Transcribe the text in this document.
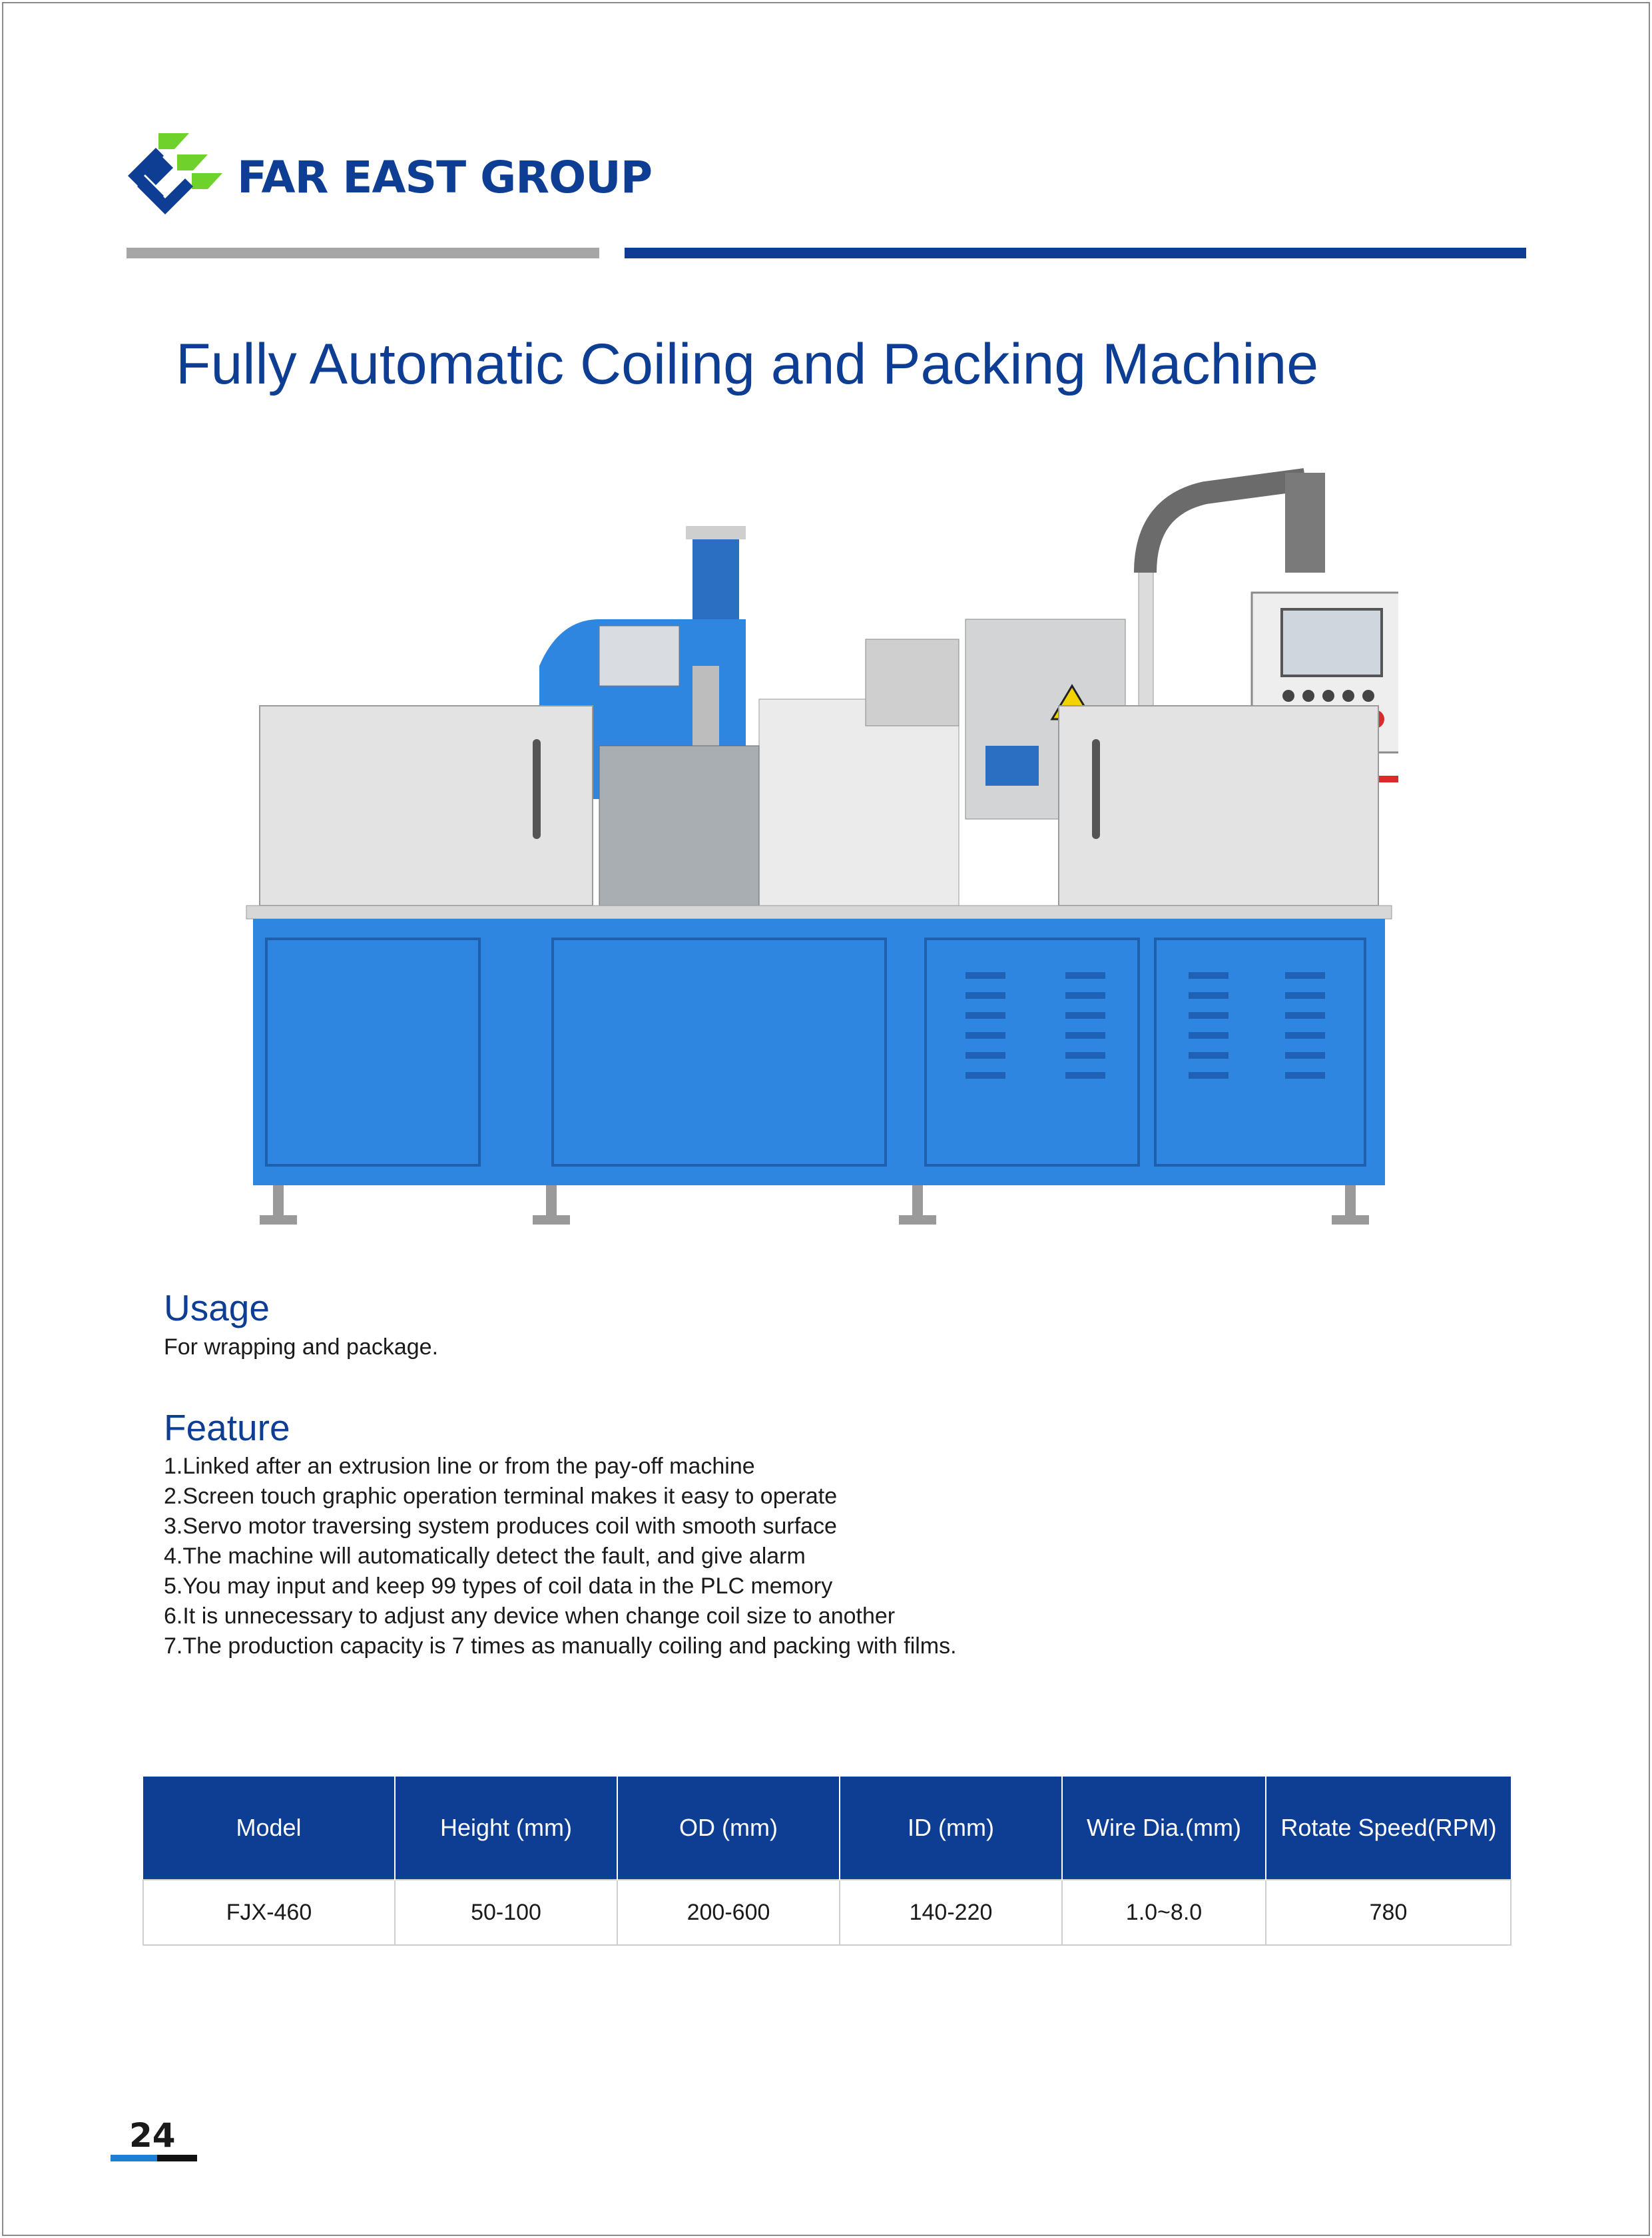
FAR EAST GROUP
Fully Automatic Coiling and Packing Machine
Usage

For wrapping and package.

Feature
1.Linked after an extrusion line or from the pay-off machine
2.Screen touch graphic operation terminal makes it easy to operate
3.Servo motor traversing system produces coil with smooth surface
4.The machine will automatically detect the fault, and give alarm
5.You may input and keep 99 types of coil data in the PLC memory
6.It is unnecessary to adjust any device when change coil size to another
7.The production capacity is 7 times as manually coiling and packing with films.
Model	Height (mm)	OD (mm)	ID (mm)	Wire Dia.(mm)	Rotate Speed(RPM)
FJX-460	50-100	200-600	140-220	1.0~8.0	780
24
